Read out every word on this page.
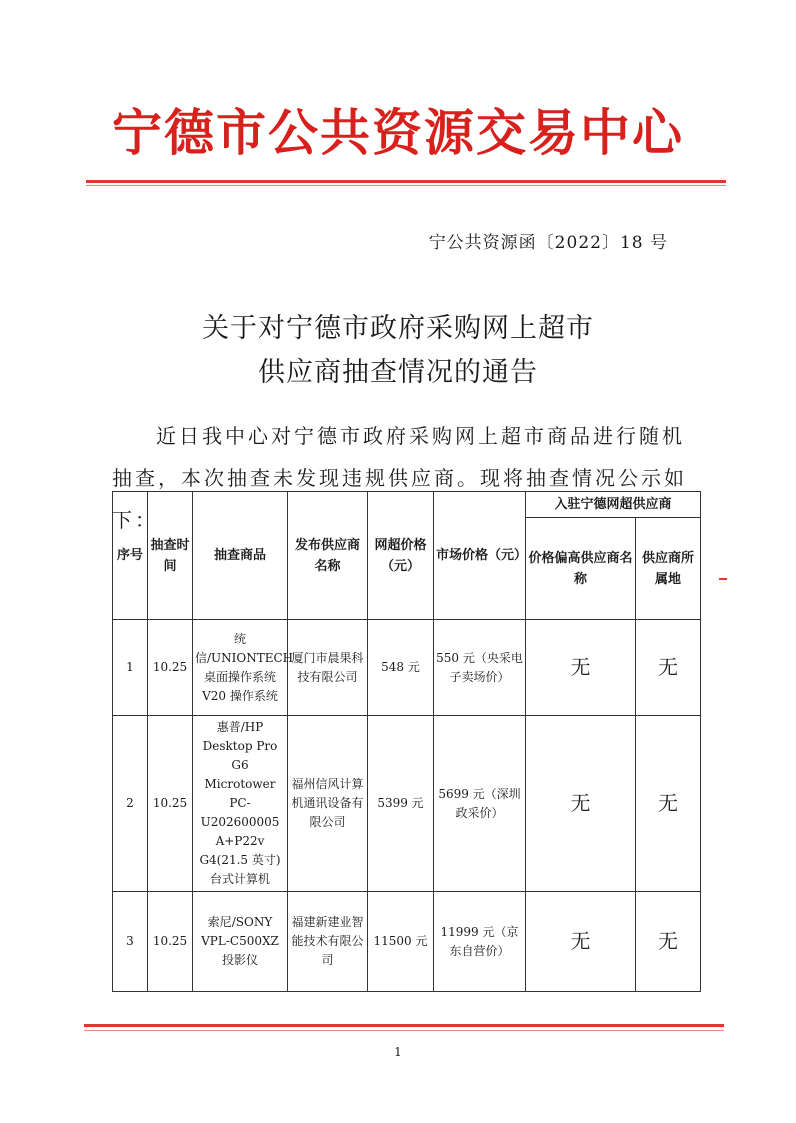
宁德市公共资源交易中心
宁公共资源函〔2022〕18 号
关于对宁德市政府采购网上超市
供应商抽查情况的通告
近日我中心对宁德市政府采购网上超市商品进行随机抽查，本次抽查未发现违规供应商。现将抽查情况公示如下：
序号	抽查时间	抽查商品	发布供应商名称	网超价格（元）	市场价格（元）	入驻宁德网超供应商	
						价格偏高供应商名称	供应商所属地
1	10.25	统信/UNIONTECH 桌面操作系统 V20 操作系统	厦门市晨果科技有限公司	548 元	550 元（央采电子卖场价）	无	无
2	10.25	惠普/HP Desktop Pro G6 Microtower PC-U202600005 A+P22v G4(21.5 英寸) 台式计算机	福州信风计算机通讯设备有限公司	5399 元	5699 元（深圳政采价）	无	无
3	10.25	索尼/SONY VPL-C500XZ 投影仪	福建新建业智能技术有限公司	11500 元	11999 元（京东自营价）	无	无
1
